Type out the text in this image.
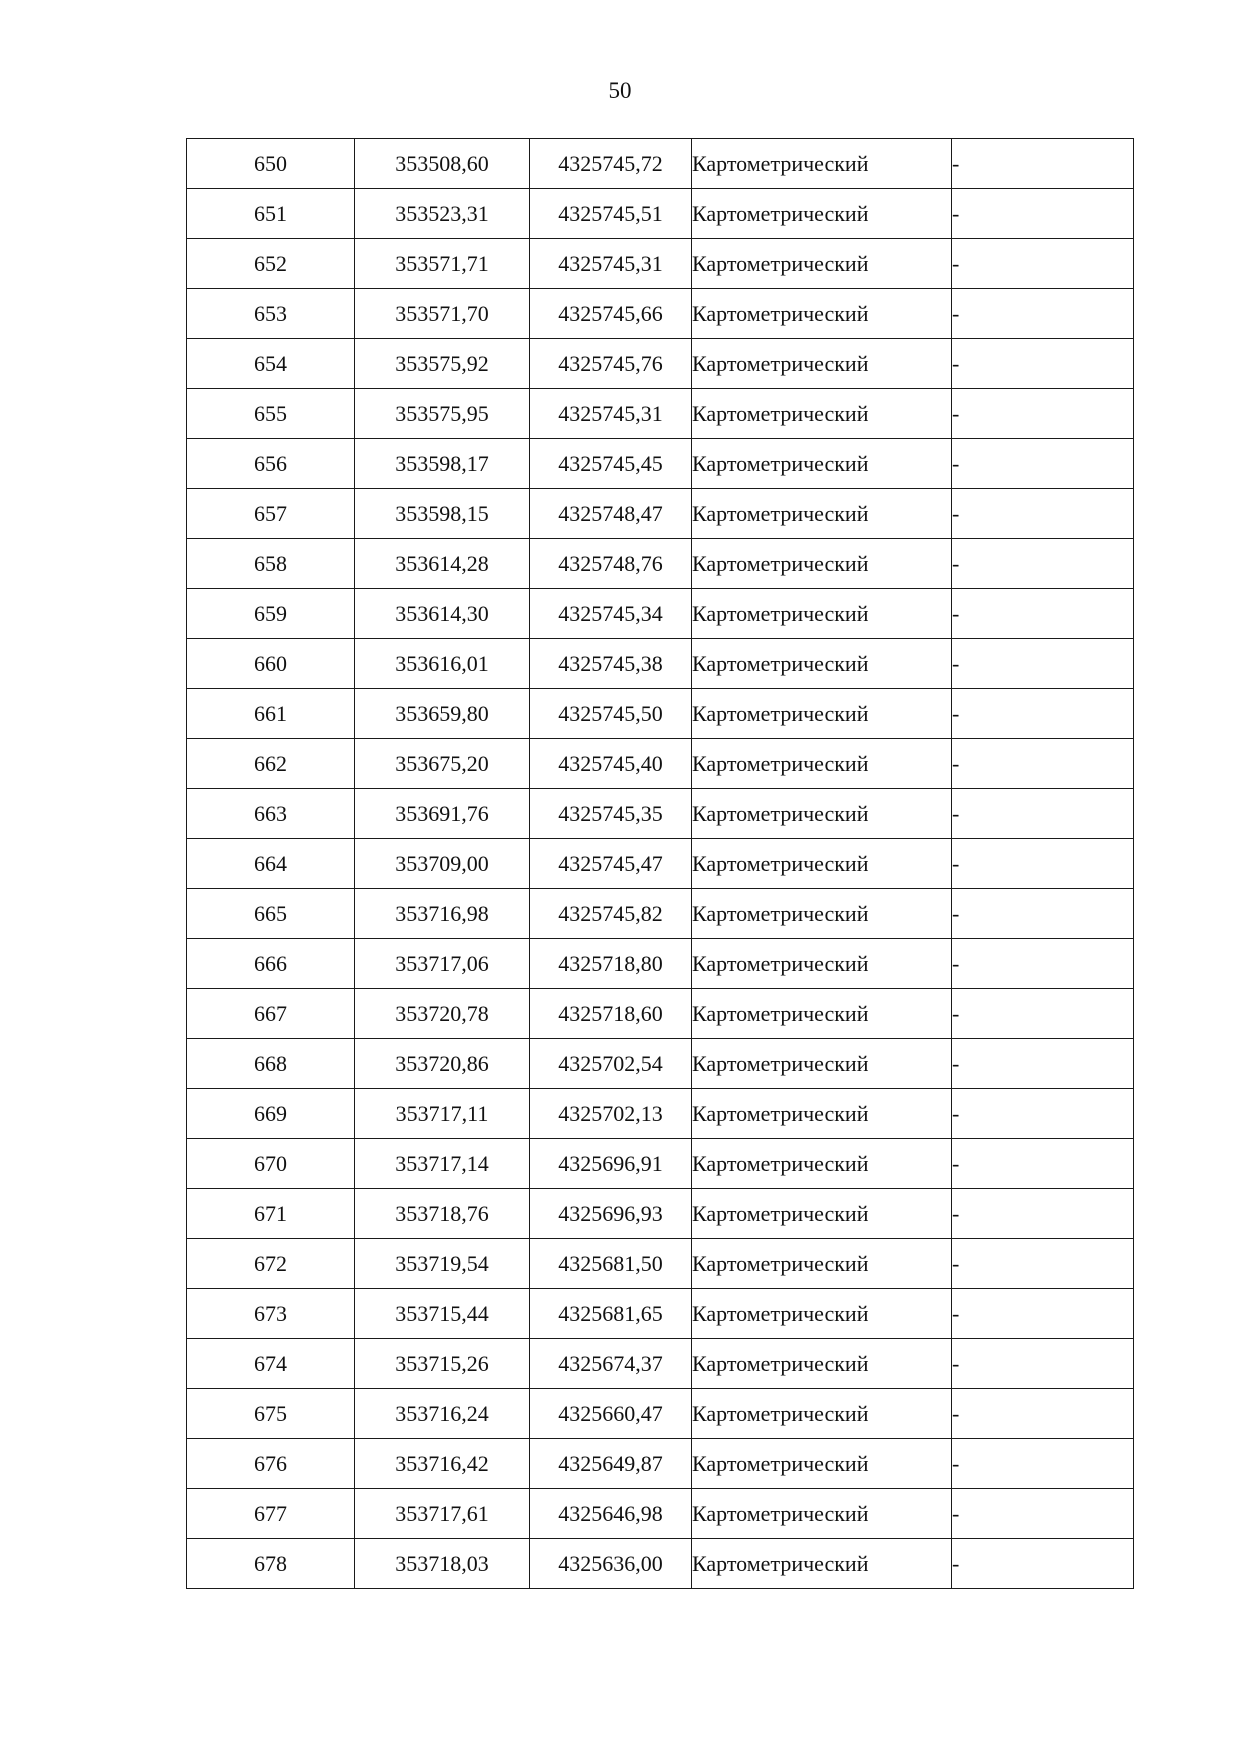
50
650	353508,60	4325745,72	Картометрический	-
651	353523,31	4325745,51	Картометрический	-
652	353571,71	4325745,31	Картометрический	-
653	353571,70	4325745,66	Картометрический	-
654	353575,92	4325745,76	Картометрический	-
655	353575,95	4325745,31	Картометрический	-
656	353598,17	4325745,45	Картометрический	-
657	353598,15	4325748,47	Картометрический	-
658	353614,28	4325748,76	Картометрический	-
659	353614,30	4325745,34	Картометрический	-
660	353616,01	4325745,38	Картометрический	-
661	353659,80	4325745,50	Картометрический	-
662	353675,20	4325745,40	Картометрический	-
663	353691,76	4325745,35	Картометрический	-
664	353709,00	4325745,47	Картометрический	-
665	353716,98	4325745,82	Картометрический	-
666	353717,06	4325718,80	Картометрический	-
667	353720,78	4325718,60	Картометрический	-
668	353720,86	4325702,54	Картометрический	-
669	353717,11	4325702,13	Картометрический	-
670	353717,14	4325696,91	Картометрический	-
671	353718,76	4325696,93	Картометрический	-
672	353719,54	4325681,50	Картометрический	-
673	353715,44	4325681,65	Картометрический	-
674	353715,26	4325674,37	Картометрический	-
675	353716,24	4325660,47	Картометрический	-
676	353716,42	4325649,87	Картометрический	-
677	353717,61	4325646,98	Картометрический	-
678	353718,03	4325636,00	Картометрический	-
